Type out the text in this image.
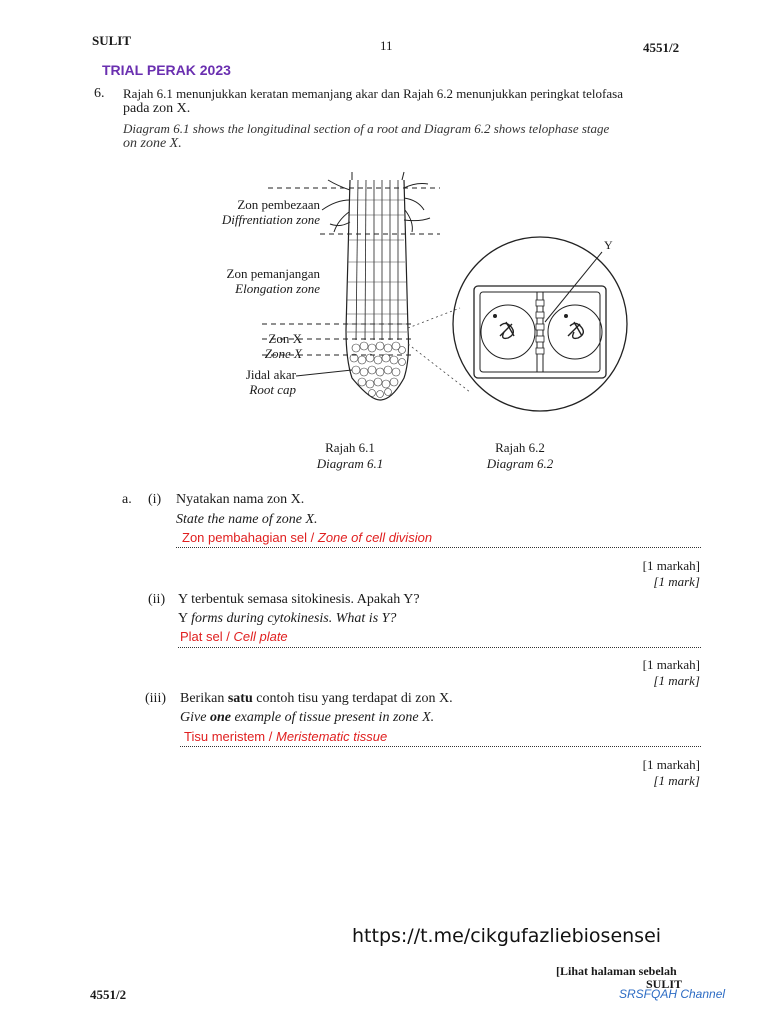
SULIT	11	4551/2
TRIAL PERAK 2023
6. Rajah 6.1 menunjukkan keratan memanjang akar dan Rajah 6.2 menunjukkan peringkat telofasa
pada zon X.
Diagram 6.1 shows the longitudinal section of a root and Diagram 6.2 shows telophase stage
on zone X.
Zon pembezaan
Diffrentiation zone
Zon pemanjangan
Elongation zone
Zon X
Zone X
Jidal akar
Root cap
Y
Rajah 6.1
Diagram 6.1
Rajah 6.2
Diagram 6.2
a. (i) Nyatakan nama zon X.
State the name of zone X.
Zon pembahagian sel / Zone of cell division
[1 markah]
[1 mark]
(ii) Y terbentuk semasa sitokinesis. Apakah Y?
Y forms during cytokinesis. What is Y?
Plat sel / Cell plate
[1 markah]
[1 mark]
(iii) Berikan satu contoh tisu yang terdapat di zon X.
Give one example of tissue present in zone X.
Tisu meristem / Meristematic tissue
[1 markah]
[1 mark]
https://t.me/cikgufazliebiosensei
[Lihat halaman sebelah
SULIT
4551/2	SRSFQAH Channel
